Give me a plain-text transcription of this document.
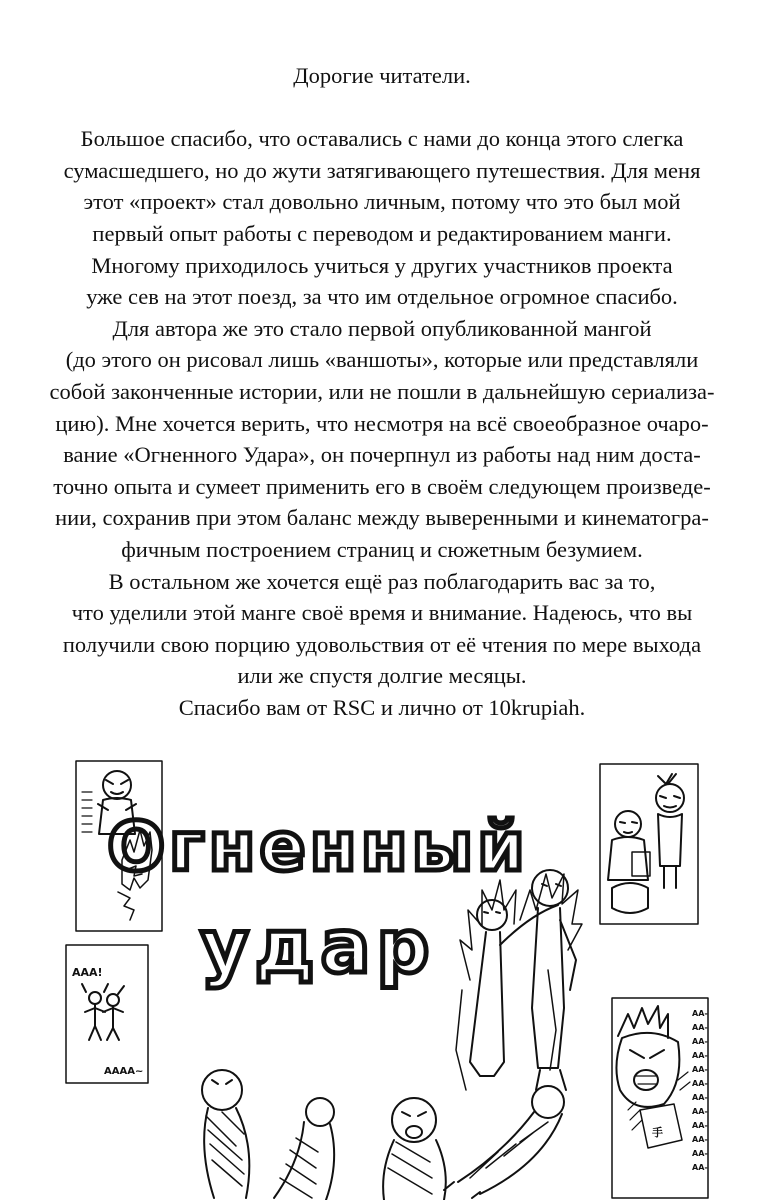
Дорогие читатели.

Большое спасибо, что оставались с нами до конца этого слегка

сумасшедшего, но до жути затягивающего путешествия. Для меня

этот «проект» стал довольно личным, потому что это был мой

первый опыт работы с переводом и редактированием манги.

Многому приходилось учиться у других участников проекта

уже сев на этот поезд, за что им отдельное огромное спасибо.

Для автора же это стало первой опубликованной мангой

(до этого он рисовал лишь «ваншоты», которые или представляли

собой законченные истории, или не пошли в дальнейшую сериализа-

цию). Мне хочется верить, что несмотря на всё своеобразное очаро-

вание «Огненного Удара», он почерпнул из работы над ним доста-

точно опыта и сумеет применить его в своём следующем произведе-

нии, сохранив при этом баланс между выверенными и кинематогра-

фичным построением страниц и сюжетным безумием.

В остальном же хочется ещё раз поблагодарить вас за то,

что уделили этой манге своё время и внимание. Надеюсь, что вы

получили свою порцию удовольствия от её чтения по мере выхода

или же спустя долгие месяцы.

Спасибо вам от RSC и лично от 10krupiah.

Огненный
удар
AAA!
AAAA~
手
AA-
AA-
AA-
AA-
AA-
AA-
AA-
AA-
AA-
AA-
AA-
AA-
